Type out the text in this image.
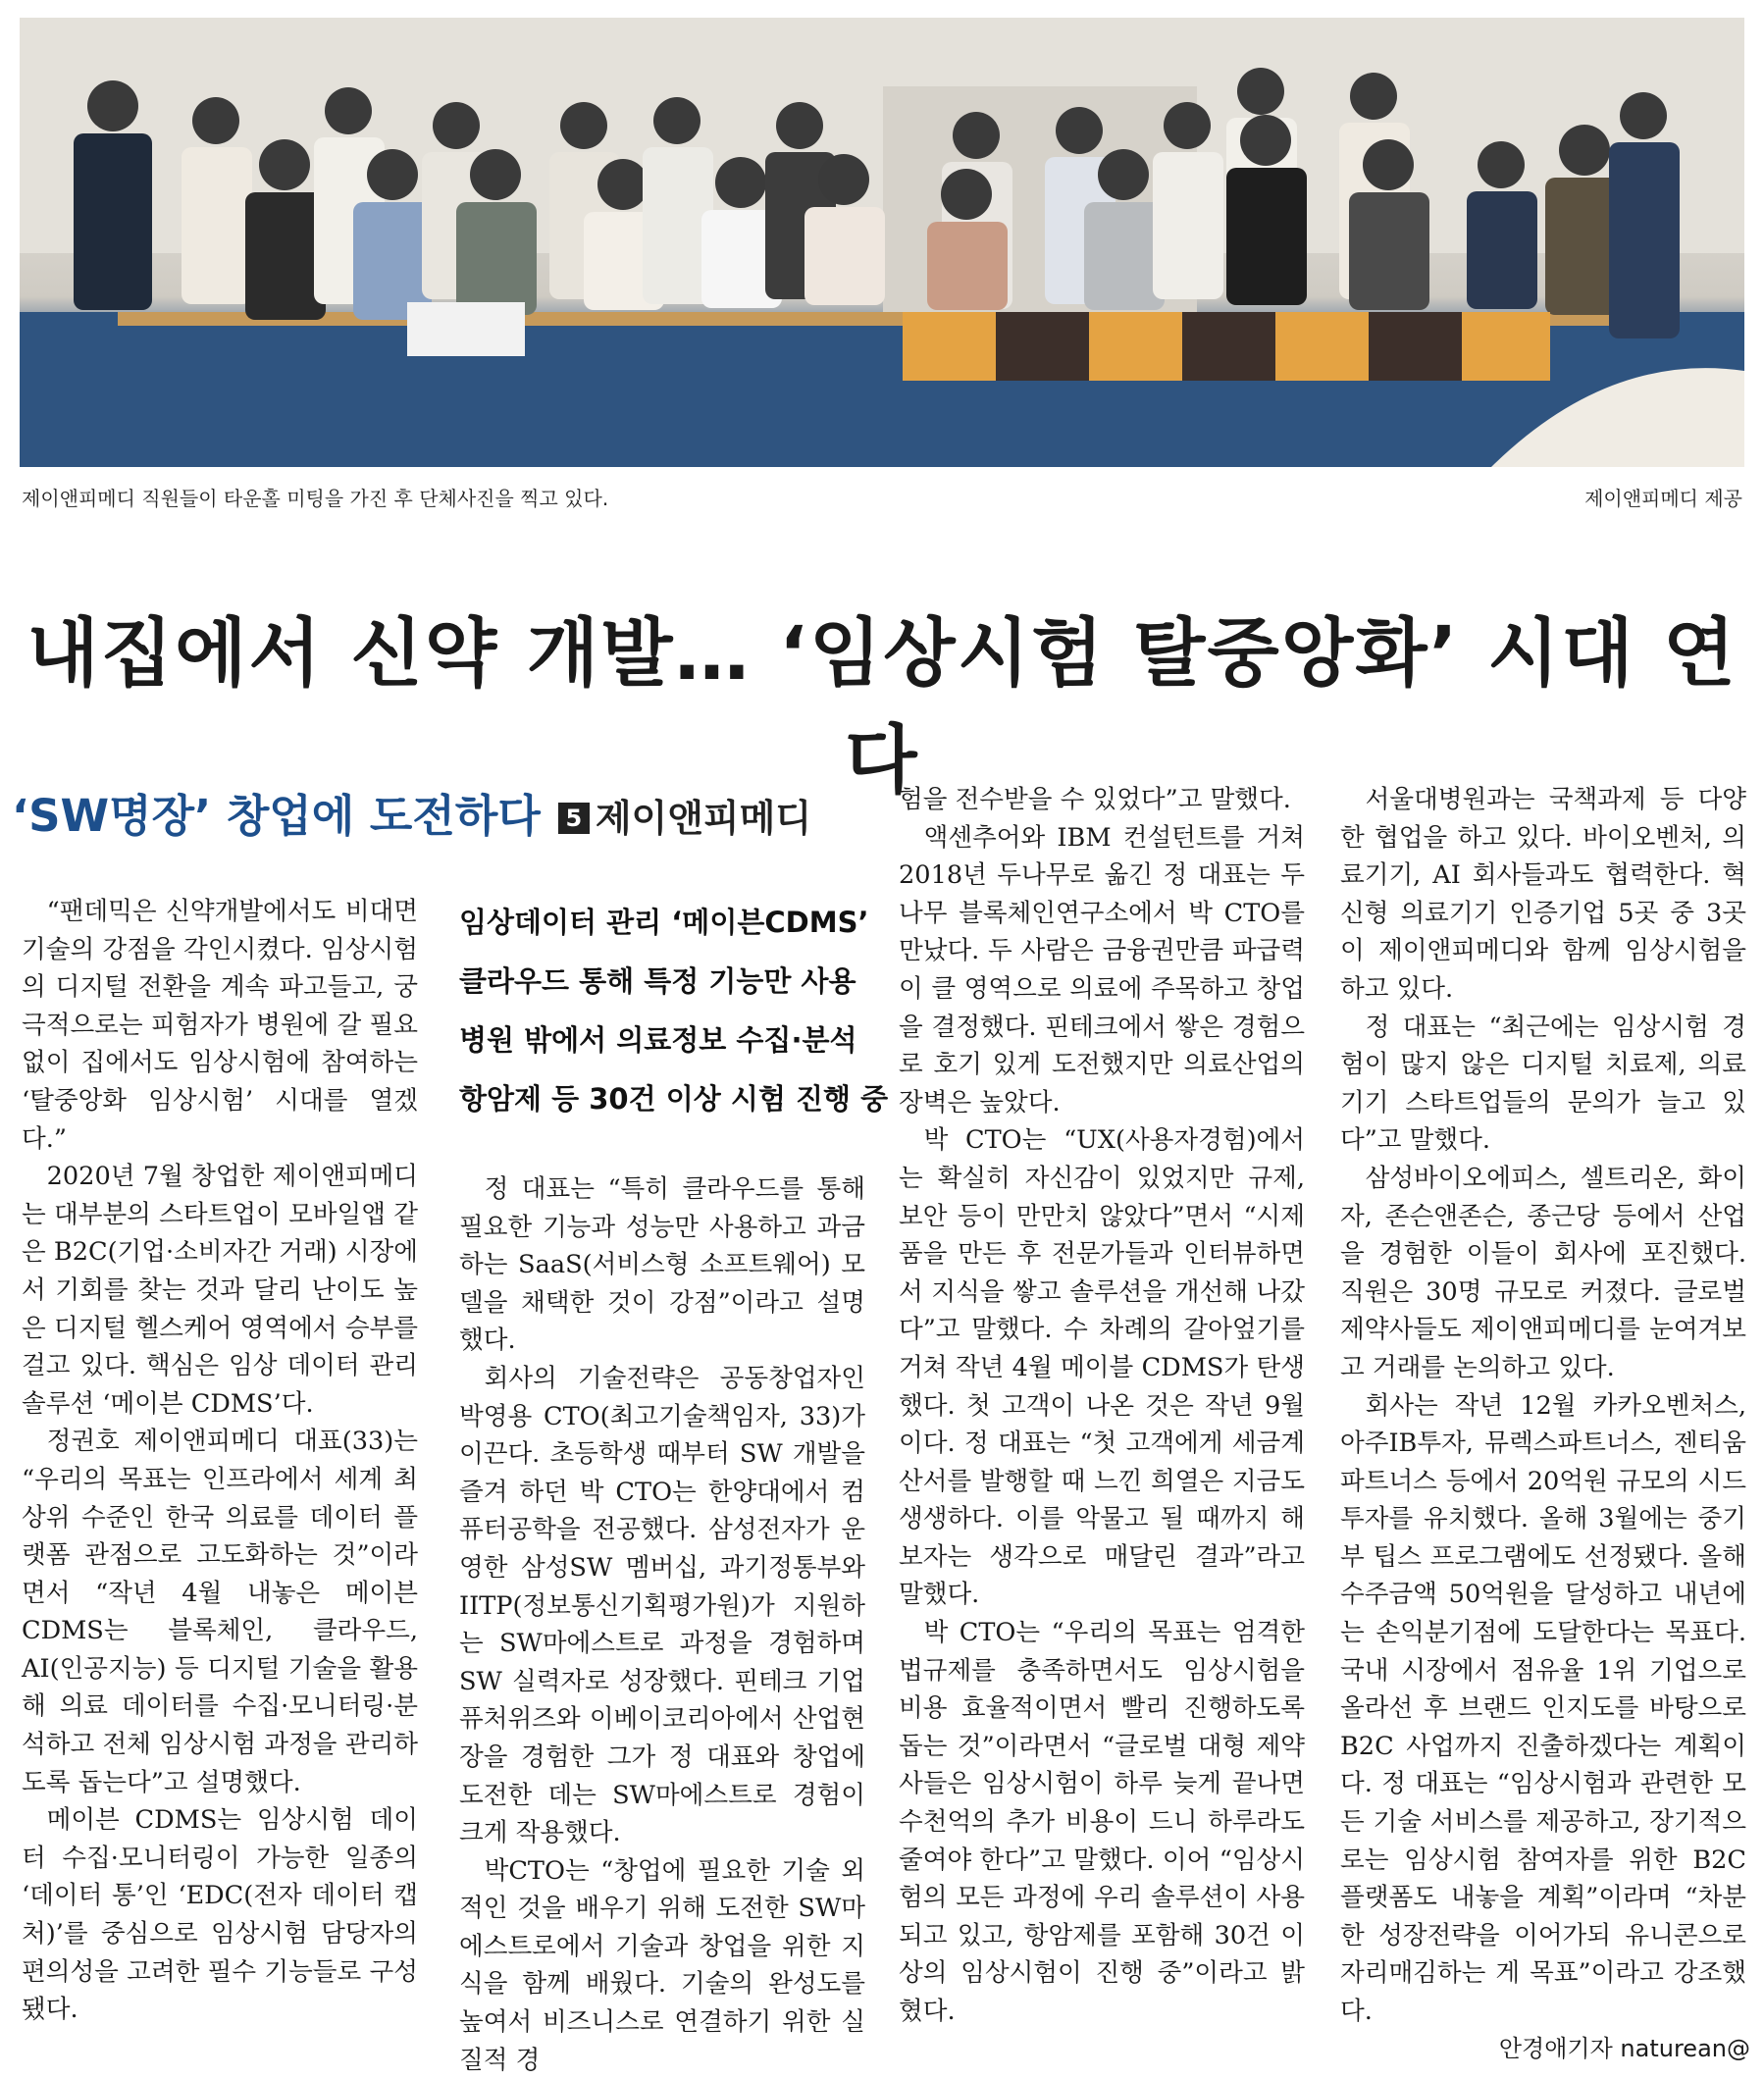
제이앤피메디 직원들이 타운홀 미팅을 가진 후 단체사진을 찍고 있다.	제이앤피메디 제공
내집에서 신약 개발… ‘임상시험 탈중앙화’ 시대 연다
‘SW명장’ 창업에 도전하다 5 제이앤피메디

“팬데믹은 신약개발에서도 비대면 기술의 강점을 각인시켰다. 임상시험의 디지털 전환을 계속 파고들고, 궁극적으로는 피험자가 병원에 갈 필요 없이 집에서도 임상시험에 참여하는 ‘탈중앙화 임상시험’ 시대를 열겠다.”

2020년 7월 창업한 제이앤피메디는 대부분의 스타트업이 모바일앱 같은 B2C(기업·소비자간 거래) 시장에서 기회를 찾는 것과 달리 난이도 높은 디지털 헬스케어 영역에서 승부를 걸고 있다. 핵심은 임상 데이터 관리 솔루션 ‘메이븐 CDMS’다.

정권호 제이앤피메디 대표(33)는 “우리의 목표는 인프라에서 세계 최상위 수준인 한국 의료를 데이터 플랫폼 관점으로 고도화하는 것”이라면서 “작년 4월 내놓은 메이븐 CDMS는 블록체인, 클라우드, AI(인공지능) 등 디지털 기술을 활용해 의료 데이터를 수집·모니터링·분석하고 전체 임상시험 과정을 관리하도록 돕는다”고 설명했다.

메이븐 CDMS는 임상시험 데이터 수집·모니터링이 가능한 일종의 ‘데이터 통’인 ‘EDC(전자 데이터 캡처)’를 중심으로 임상시험 담당자의 편의성을 고려한 필수 기능들로 구성됐다.

임상데이터 관리 ‘메이븐CDMS’
클라우드 통해 특정 기능만 사용
병원 밖에서 의료정보 수집·분석
항암제 등 30건 이상 시험 진행 중

정 대표는 “특히 클라우드를 통해 필요한 기능과 성능만 사용하고 과금하는 SaaS(서비스형 소프트웨어) 모델을 채택한 것이 강점”이라고 설명했다.

회사의 기술전략은 공동창업자인 박영용 CTO(최고기술책임자, 33)가 이끈다. 초등학생 때부터 SW 개발을 즐겨 하던 박 CTO는 한양대에서 컴퓨터공학을 전공했다. 삼성전자가 운영한 삼성SW 멤버십, 과기정통부와 IITP(정보통신기획평가원)가 지원하는 SW마에스트로 과정을 경험하며 SW 실력자로 성장했다. 핀테크 기업 퓨처위즈와 이베이코리아에서 산업현장을 경험한 그가 정 대표와 창업에 도전한 데는 SW마에스트로 경험이 크게 작용했다.

박CTO는 “창업에 필요한 기술 외적인 것을 배우기 위해 도전한 SW마에스트로에서 기술과 창업을 위한 지식을 함께 배웠다. 기술의 완성도를 높여서 비즈니스로 연결하기 위한 실질적 경

험을 전수받을 수 있었다”고 말했다.

액센추어와 IBM 컨설턴트를 거쳐 2018년 두나무로 옮긴 정 대표는 두나무 블록체인연구소에서 박 CTO를 만났다. 두 사람은 금융권만큼 파급력이 클 영역으로 의료에 주목하고 창업을 결정했다. 핀테크에서 쌓은 경험으로 호기 있게 도전했지만 의료산업의 장벽은 높았다.

박 CTO는 “UX(사용자경험)에서는 확실히 자신감이 있었지만 규제, 보안 등이 만만치 않았다”면서 “시제품을 만든 후 전문가들과 인터뷰하면서 지식을 쌓고 솔루션을 개선해 나갔다”고 말했다. 수 차례의 갈아엎기를 거쳐 작년 4월 메이블 CDMS가 탄생했다. 첫 고객이 나온 것은 작년 9월이다. 정 대표는 “첫 고객에게 세금계산서를 발행할 때 느낀 희열은 지금도 생생하다. 이를 악물고 될 때까지 해보자는 생각으로 매달린 결과”라고 말했다.

박 CTO는 “우리의 목표는 엄격한 법규제를 충족하면서도 임상시험을 비용 효율적이면서 빨리 진행하도록 돕는 것”이라면서 “글로벌 대형 제약사들은 임상시험이 하루 늦게 끝나면 수천억의 추가 비용이 드니 하루라도 줄여야 한다”고 말했다. 이어 “임상시험의 모든 과정에 우리 솔루션이 사용되고 있고, 항암제를 포함해 30건 이상의 임상시험이 진행 중”이라고 밝혔다.

서울대병원과는 국책과제 등 다양한 협업을 하고 있다. 바이오벤처, 의료기기, AI 회사들과도 협력한다. 혁신형 의료기기 인증기업 5곳 중 3곳이 제이앤피메디와 함께 임상시험을 하고 있다.

정 대표는 “최근에는 임상시험 경험이 많지 않은 디지털 치료제, 의료기기 스타트업들의 문의가 늘고 있다”고 말했다.

삼성바이오에피스, 셀트리온, 화이자, 존슨앤존슨, 종근당 등에서 산업을 경험한 이들이 회사에 포진했다. 직원은 30명 규모로 커졌다. 글로벌 제약사들도 제이앤피메디를 눈여겨보고 거래를 논의하고 있다.

회사는 작년 12월 카카오벤처스, 아주IB투자, 뮤렉스파트너스, 젠티움파트너스 등에서 20억원 규모의 시드투자를 유치했다. 올해 3월에는 중기부 팁스 프로그램에도 선정됐다. 올해 수주금액 50억원을 달성하고 내년에는 손익분기점에 도달한다는 목표다. 국내 시장에서 점유율 1위 기업으로 올라선 후 브랜드 인지도를 바탕으로 B2C 사업까지 진출하겠다는 계획이다. 정 대표는 “임상시험과 관련한 모든 기술 서비스를 제공하고, 장기적으로는 임상시험 참여자를 위한 B2C 플랫폼도 내놓을 계획”이라며 “차분한 성장전략을 이어가되 유니콘으로 자리매김하는 게 목표”이라고 강조했다.

안경애기자 naturean@
